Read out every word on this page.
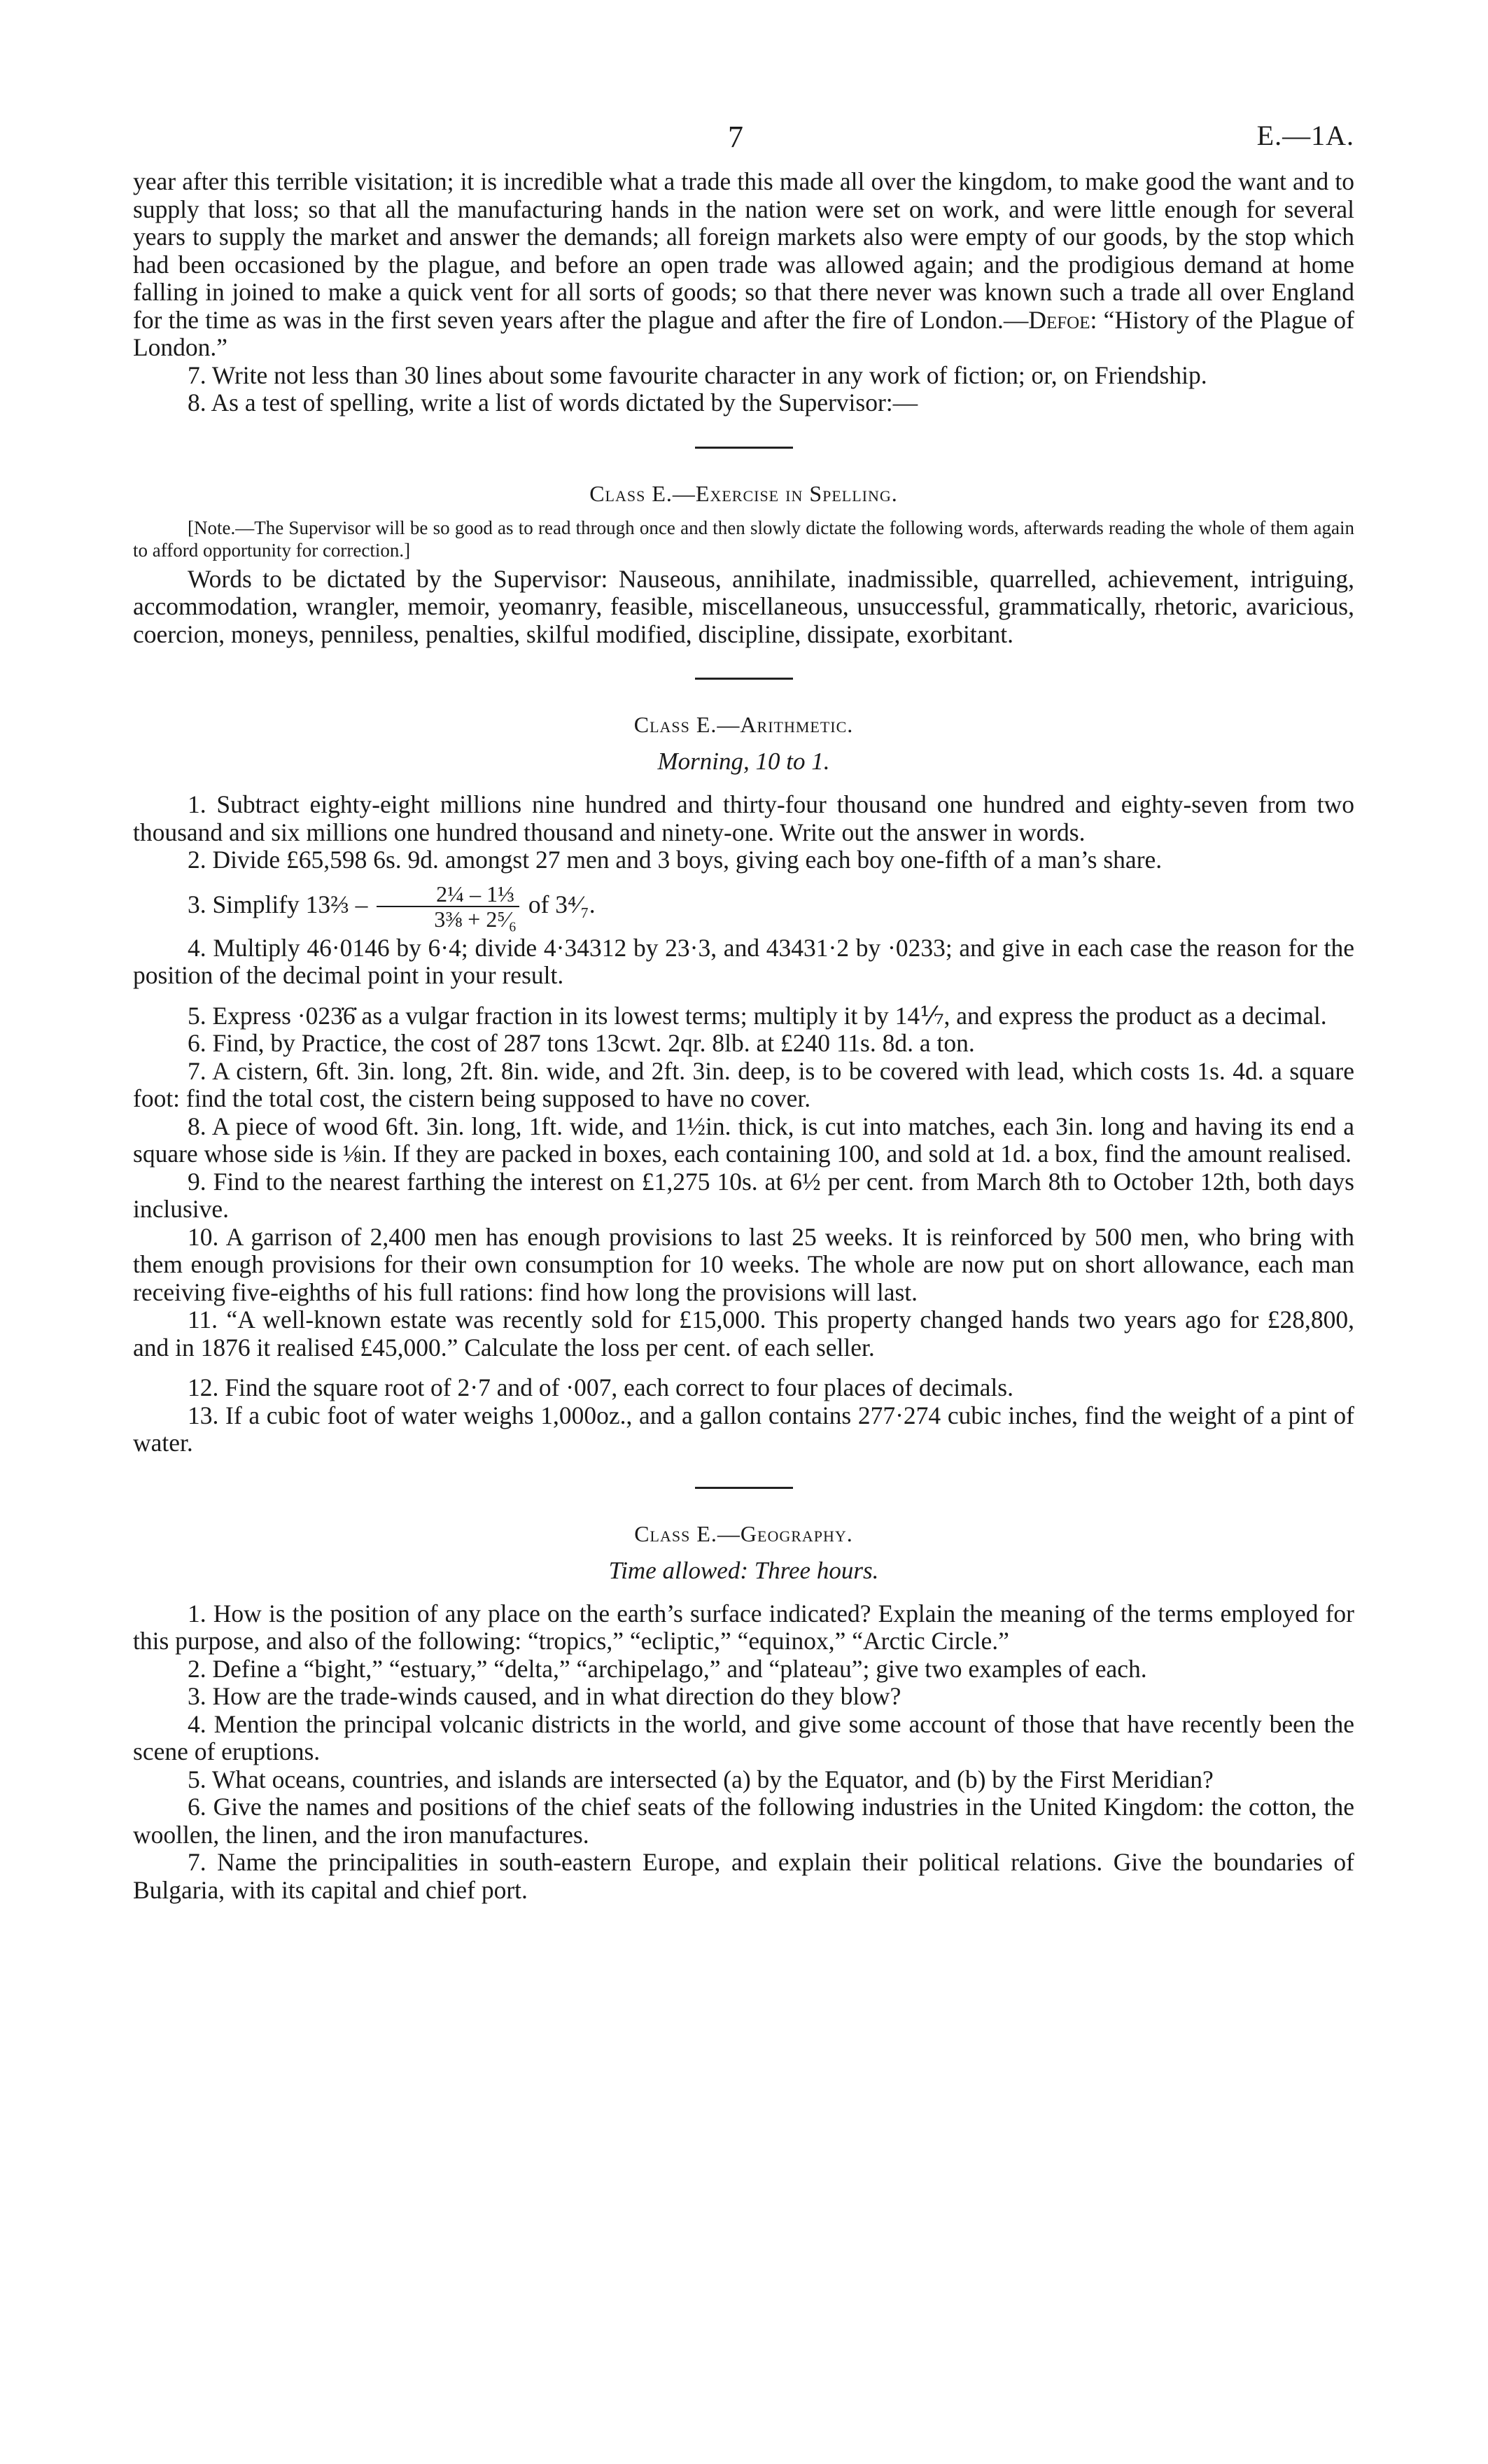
7	E.—1A.

year after this terrible visitation; it is incredible what a trade this made all over the kingdom, to make good the want and to supply that loss; so that all the manufacturing hands in the nation were set on work, and were little enough for several years to supply the market and answer the demands; all foreign markets also were empty of our goods, by the stop which had been occasioned by the plague, and before an open trade was allowed again; and the prodigious demand at home falling in joined to make a quick vent for all sorts of goods; so that there never was known such a trade all over England for the time as was in the first seven years after the plague and after the fire of London.—Defoe: “History of the Plague of London.”

7. Write not less than 30 lines about some favourite character in any work of fiction; or, on Friendship.

8. As a test of spelling, write a list of words dictated by the Supervisor:—

Class E.—Exercise in Spelling.

[Note.—The Supervisor will be so good as to read through once and then slowly dictate the following words, afterwards reading the whole of them again to afford opportunity for correction.]

Words to be dictated by the Supervisor: Nauseous, annihilate, inadmissible, quarrelled, achievement, intriguing, accommodation, wrangler, memoir, yeomanry, feasible, miscellaneous, unsuccessful, grammatically, rhetoric, avaricious, coercion, moneys, penniless, penalties, skilful modified, discipline, dissipate, exorbitant.

Class E.—Arithmetic.
Morning, 10 to 1.

1. Subtract eighty-eight millions nine hundred and thirty-four thousand one hundred and eighty-seven from two thousand and six millions one hundred thousand and ninety-one. Write out the answer in words.

2. Divide £65,598 6s. 9d. amongst 27 men and 3 boys, giving each boy one-fifth of a man’s share.

3. Simplify 13⅔ – $\frac{\text{2¼ – 1⅓}}{\text{3⅜ + 2⁵⁄₆}}$ of 3⁴⁄₇.

4. Multiply 46·0146 by 6·4; divide 4·34312 by 23·3, and 43431·2 by ·0233; and give in each case the reason for the position of the decimal point in your result.

5. Express ·023̇6̇ as a vulgar fraction in its lowest terms; multiply it by 14⅐, and express the product as a decimal.

6. Find, by Practice, the cost of 287 tons 13cwt. 2qr. 8lb. at £240 11s. 8d. a ton.

7. A cistern, 6ft. 3in. long, 2ft. 8in. wide, and 2ft. 3in. deep, is to be covered with lead, which costs 1s. 4d. a square foot: find the total cost, the cistern being supposed to have no cover.

8. A piece of wood 6ft. 3in. long, 1ft. wide, and 1½in. thick, is cut into matches, each 3in. long and having its end a square whose side is ⅛in. If they are packed in boxes, each containing 100, and sold at 1d. a box, find the amount realised.

9. Find to the nearest farthing the interest on £1,275 10s. at 6½ per cent. from March 8th to October 12th, both days inclusive.

10. A garrison of 2,400 men has enough provisions to last 25 weeks. It is reinforced by 500 men, who bring with them enough provisions for their own consumption for 10 weeks. The whole are now put on short allowance, each man receiving five-eighths of his full rations: find how long the provisions will last.

11. “A well-known estate was recently sold for £15,000. This property changed hands two years ago for £28,800, and in 1876 it realised £45,000.” Calculate the loss per cent. of each seller.

12. Find the square root of 2·7 and of ·007, each correct to four places of decimals.

13. If a cubic foot of water weighs 1,000oz., and a gallon contains 277·274 cubic inches, find the weight of a pint of water.

Class E.—Geography.
Time allowed: Three hours.

1. How is the position of any place on the earth’s surface indicated? Explain the meaning of the terms employed for this purpose, and also of the following: “tropics,” “ecliptic,” “equinox,” “Arctic Circle.”

2. Define a “bight,” “estuary,” “delta,” “archipelago,” and “plateau”; give two examples of each.

3. How are the trade-winds caused, and in what direction do they blow?

4. Mention the principal volcanic districts in the world, and give some account of those that have recently been the scene of eruptions.

5. What oceans, countries, and islands are intersected (a) by the Equator, and (b) by the First Meridian?

6. Give the names and positions of the chief seats of the following industries in the United Kingdom: the cotton, the woollen, the linen, and the iron manufactures.

7. Name the principalities in south-eastern Europe, and explain their political relations. Give the boundaries of Bulgaria, with its capital and chief port.
